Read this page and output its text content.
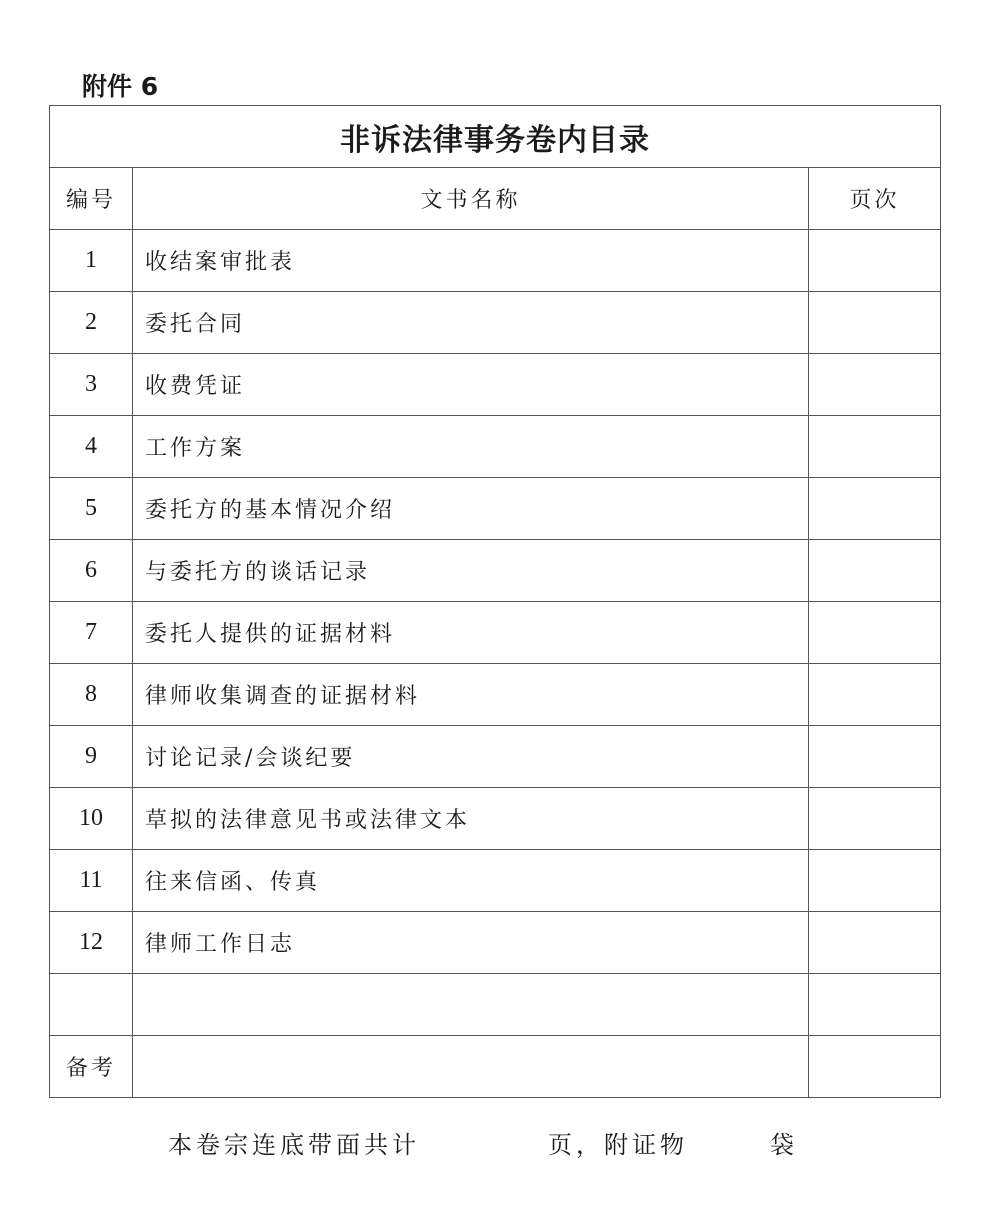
附件 6
非诉法律事务卷内目录		
编号	文书名称	页次
1	收结案审批表	
2	委托合同	
3	收费凭证	
4	工作方案	
5	委托方的基本情况介绍	
6	与委托方的谈话记录	
7	委托人提供的证据材料	
8	律师收集调查的证据材料	
9	讨论记录/会谈纪要	
10	草拟的法律意见书或法律文本	
11	往来信函、传真	
12	律师工作日志	

备考		
本卷宗连底带面共计	页，附证物	袋
